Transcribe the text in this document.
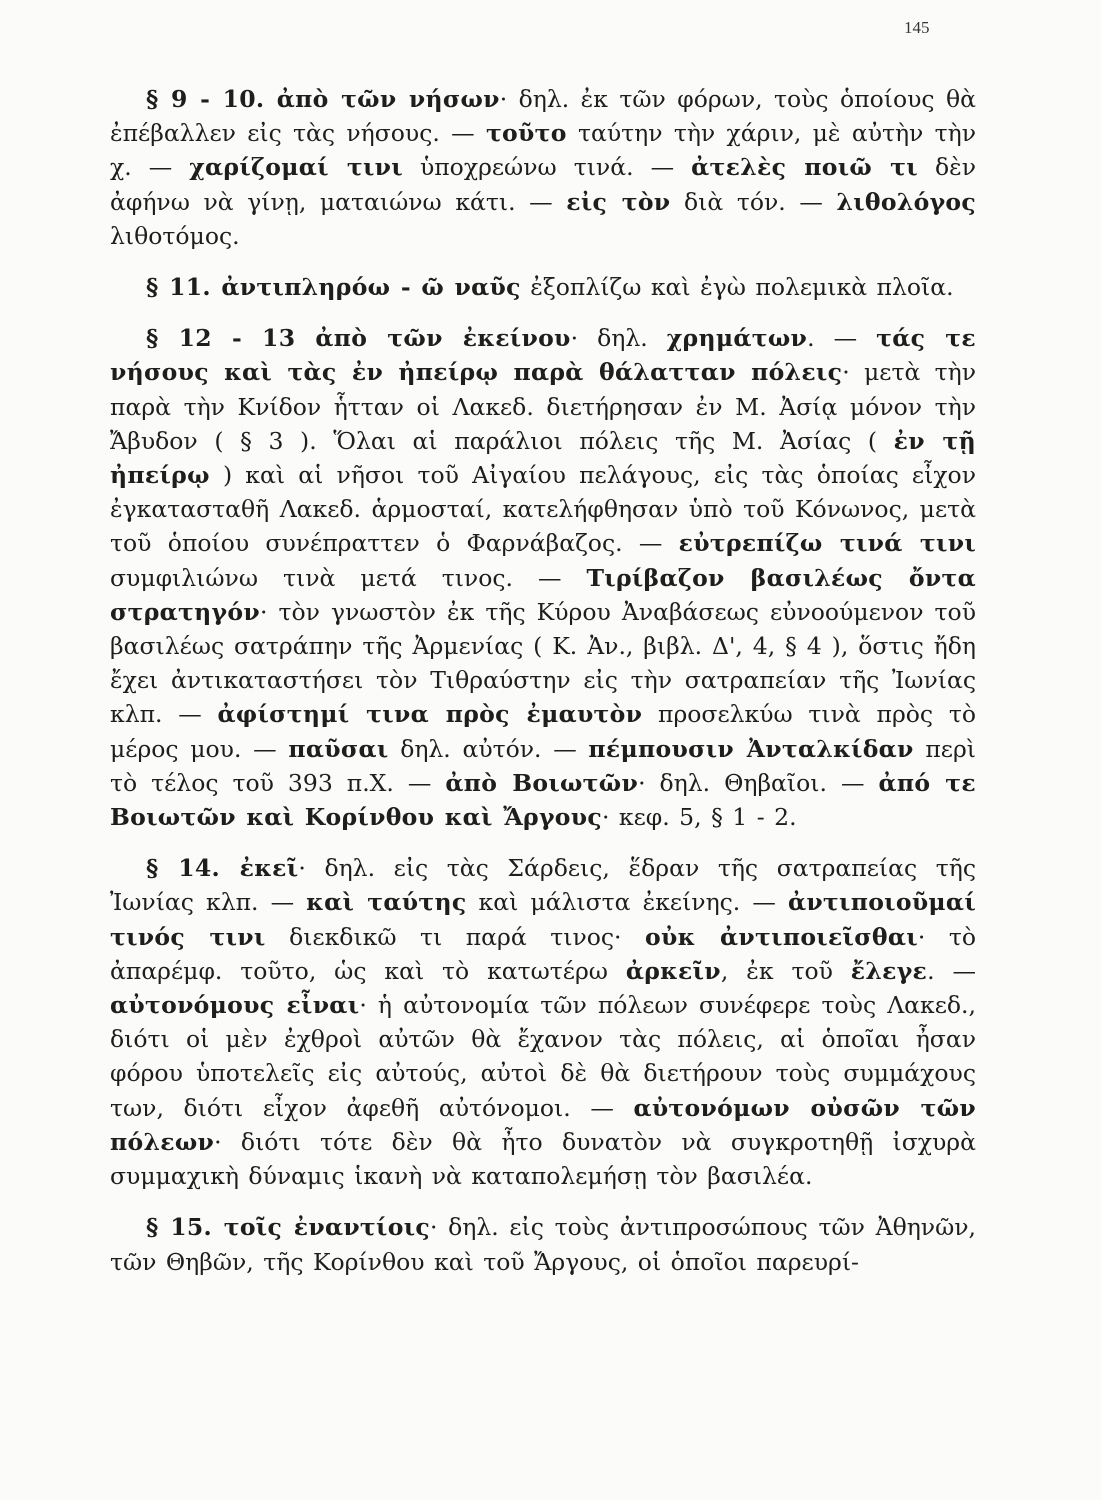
145

§ 9 - 10. ἀπὸ τῶν νήσων· δηλ. ἐκ τῶν φόρων, τοὺς ὁποίους θὰ ἐπέβαλλεν εἰς τὰς νήσους. — τοῦτο ταύτην τὴν χάριν, μὲ αὐτὴν τὴν χ. — χαρίζομαί τινι ὑποχρεώνω τινά. — ἀτελὲς ποιῶ τι δὲν ἀφήνω νὰ γίνῃ, ματαιώνω κάτι. — εἰς τὸν διὰ τόν. — λιθολόγος λιθοτόμος.

§ 11. ἀντιπληρόω - ῶ ναῦς ἐξοπλίζω καὶ ἐγὼ πολεμικὰ πλοῖα.

§ 12 - 13 ἀπὸ τῶν ἐκείνου· δηλ. χρημάτων. — τάς τε νήσους καὶ τὰς ἐν ἠπείρῳ παρὰ θάλατταν πόλεις· μετὰ τὴν παρὰ τὴν Κνίδον ἧτταν οἱ Λακεδ. διετήρησαν ἐν Μ. Ἀσίᾳ μόνον τὴν Ἄβυδον ( § 3 ). Ὅλαι αἱ παράλιοι πόλεις τῆς Μ. Ἀσίας ( ἐν τῇ ἠπείρῳ ) καὶ αἱ νῆσοι τοῦ Αἰγαίου πελάγους, εἰς τὰς ὁποίας εἶχον ἐγκατασταθῆ Λακεδ. ἁρμοσταί, κατελήφθησαν ὑπὸ τοῦ Κόνωνος, μετὰ τοῦ ὁποίου συνέπραττεν ὁ Φαρνάβαζος. — εὐτρεπίζω τινά τινι συμφιλιώνω τινὰ μετά τινος. — Τιρίβαζον βασιλέως ὄντα στρατηγόν· τὸν γνωστὸν ἐκ τῆς Κύρου Ἀναβάσεως εὐνοούμενον τοῦ βασιλέως σατράπην τῆς Ἀρμενίας ( Κ. Ἀν., βιβλ. Δ', 4, § 4 ), ὅστις ἤδη ἔχει ἀντικαταστήσει τὸν Τιθραύστην εἰς τὴν σατραπείαν τῆς Ἰωνίας κλπ. — ἀφίστημί τινα πρὸς ἐμαυτὸν προσελκύω τινὰ πρὸς τὸ μέρος μου. — παῦσαι δηλ. αὐτόν. — πέμπουσιν Ἀνταλκίδαν περὶ τὸ τέλος τοῦ 393 π.Χ. — ἀπὸ Βοιωτῶν· δηλ. Θηβαῖοι. — ἀπό τε Βοιωτῶν καὶ Κορίνθου καὶ Ἄργους· κεφ. 5, § 1 - 2.

§ 14. ἐκεῖ· δηλ. εἰς τὰς Σάρδεις, ἕδραν τῆς σατραπείας τῆς Ἰωνίας κλπ. — καὶ ταύτης καὶ μάλιστα ἐκείνης. — ἀντιποιοῦμαί τινός τινι διεκδικῶ τι παρά τινος· οὐκ ἀντιποιεῖσθαι· τὸ ἀπαρέμφ. τοῦτο, ὡς καὶ τὸ κατωτέρω ἀρκεῖν, ἐκ τοῦ ἔλεγε. — αὐτονόμους εἶναι· ἡ αὐτονομία τῶν πόλεων συνέφερε τοὺς Λακεδ., διότι οἱ μὲν ἐχθροὶ αὐτῶν θὰ ἔχανον τὰς πόλεις, αἱ ὁποῖαι ἦσαν φόρου ὑποτελεῖς εἰς αὐτούς, αὐτοὶ δὲ θὰ διετήρουν τοὺς συμμάχους των, διότι εἶχον ἀφεθῆ αὐτόνομοι. — αὐτονόμων οὐσῶν τῶν πόλεων· διότι τότε δὲν θὰ ἦτο δυνατὸν νὰ συγκροτηθῇ ἰσχυρὰ συμμαχικὴ δύναμις ἱκανὴ νὰ καταπολεμήσῃ τὸν βασιλέα.

§ 15. τοῖς ἐναντίοις· δηλ. εἰς τοὺς ἀντιπροσώπους τῶν Ἀθηνῶν, τῶν Θηβῶν, τῆς Κορίνθου καὶ τοῦ Ἄργους, οἱ ὁποῖοι παρευρί-
